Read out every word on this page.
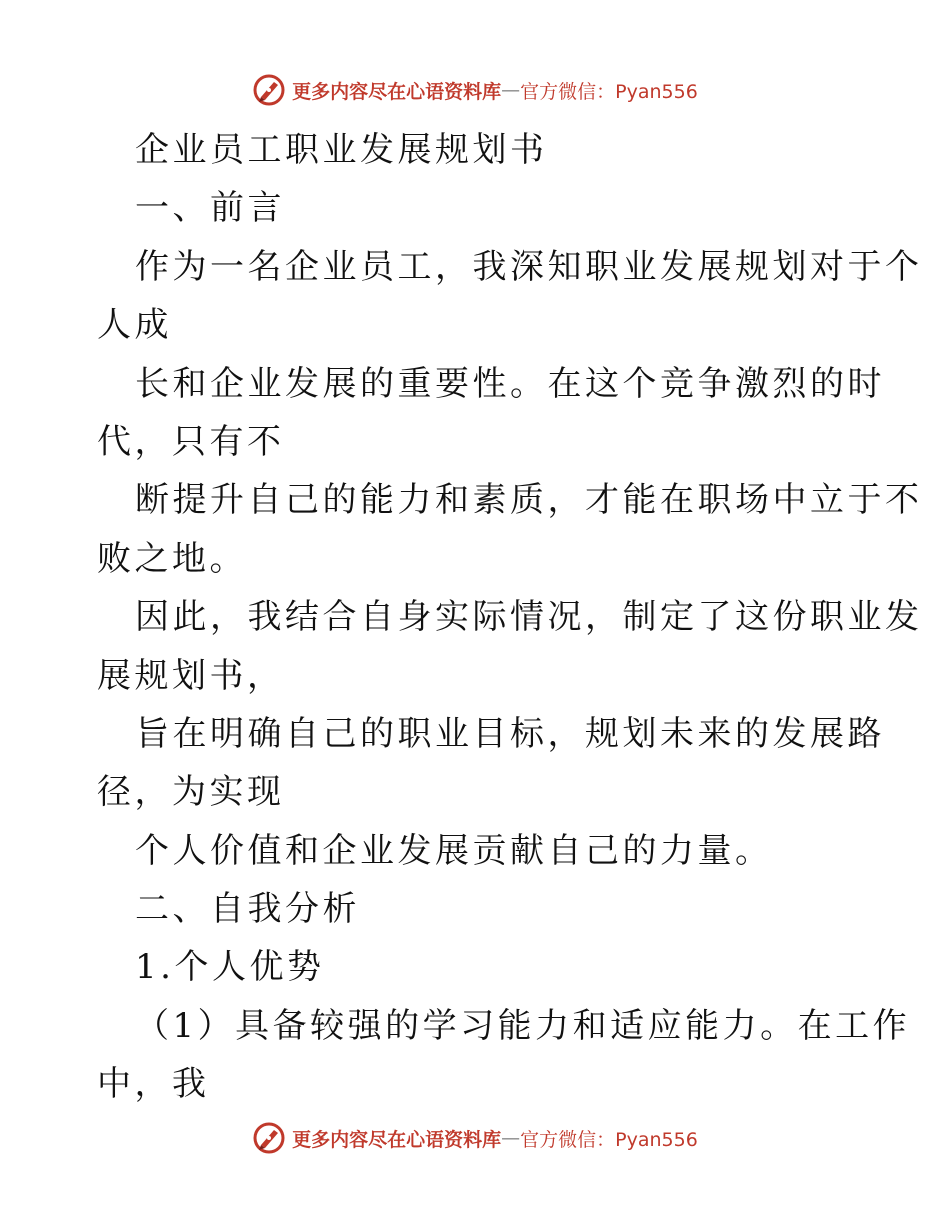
更多内容尽在心语资料库 — 官方微信：Pyan556
企业员工职业发展规划书
一、前言
作为一名企业员工，我深知职业发展规划对于个
人成
长和企业发展的重要性。在这个竞争激烈的时
代，只有不
断提升自己的能力和素质，才能在职场中立于不
败之地。
因此，我结合自身实际情况，制定了这份职业发
展规划书，
旨在明确自己的职业目标，规划未来的发展路
径，为实现
个人价值和企业发展贡献自己的力量。
二、自我分析
1.个人优势
（1）具备较强的学习能力和适应能力。在工作
中，我
更多内容尽在心语资料库 — 官方微信：Pyan556
